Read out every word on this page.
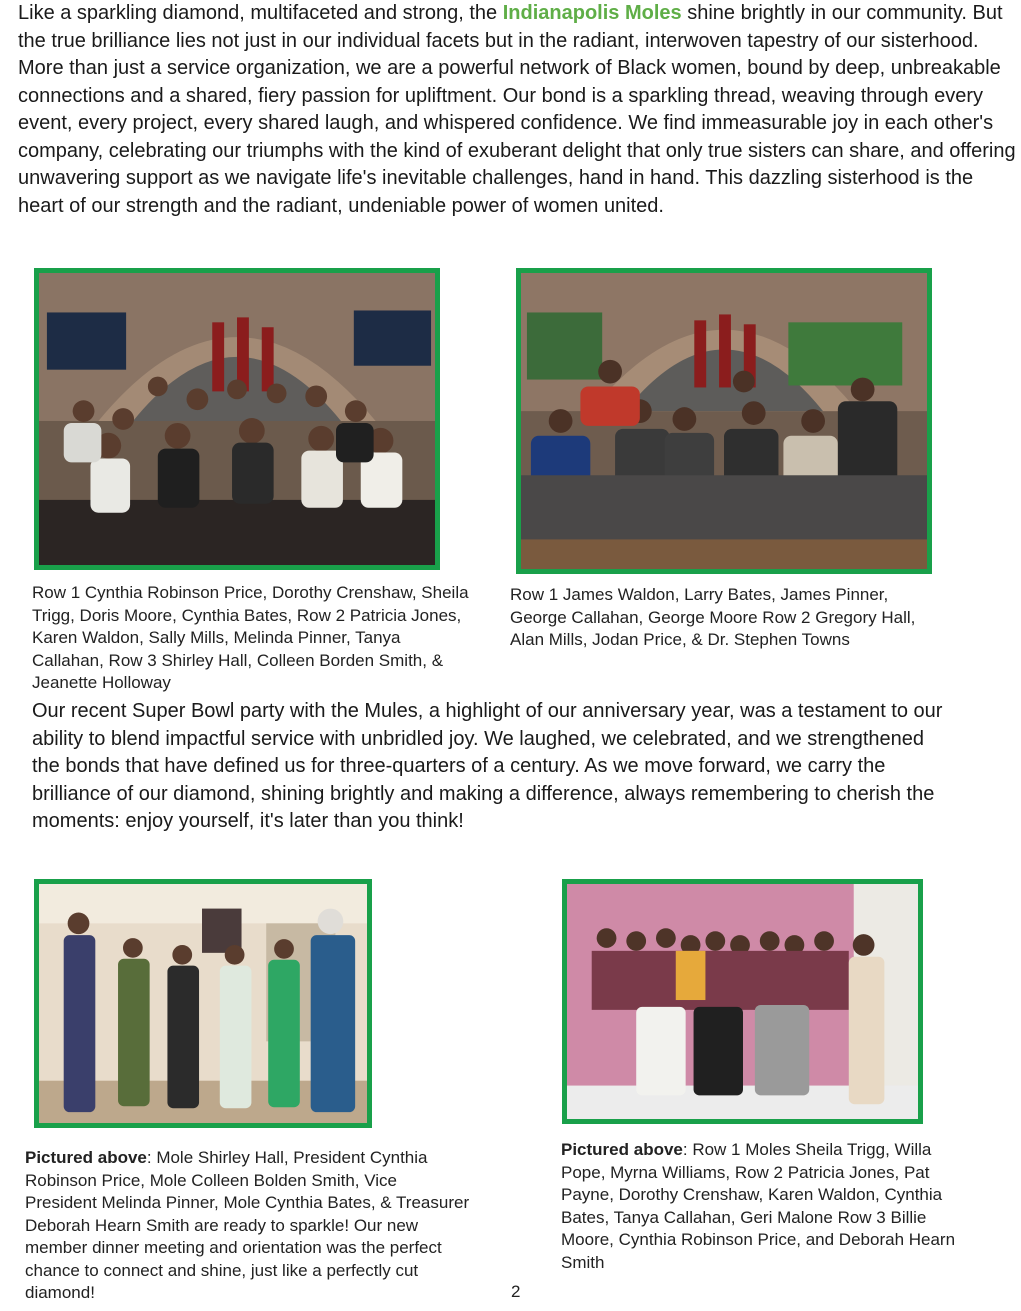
Like a sparkling diamond, multifaceted and strong, the Indianapolis Moles shine brightly in our community. But the true brilliance lies not just in our individual facets but in the radiant, interwoven tapestry of our sisterhood. More than just a service organization, we are a powerful network of Black women, bound by deep, unbreakable connections and a shared, fiery passion for upliftment. Our bond is a sparkling thread, weaving through every event, every project, every shared laugh, and whispered confidence. We find immeasurable joy in each other's company, celebrating our triumphs with the kind of exuberant delight that only true sisters can share, and offering unwavering support as we navigate life's inevitable challenges, hand in hand. This dazzling sisterhood is the heart of our strength and the radiant, undeniable power of women united.

Row 1 Cynthia Robinson Price, Dorothy Crenshaw, Sheila Trigg, Doris Moore, Cynthia Bates, Row 2 Patricia Jones, Karen Waldon, Sally Mills, Melinda Pinner, Tanya Callahan, Row 3 Shirley Hall, Colleen Borden Smith, & Jeanette Holloway

Row 1 James Waldon, Larry Bates, James Pinner, George Callahan, George Moore Row 2 Gregory Hall, Alan Mills, Jodan Price, & Dr. Stephen Towns

Our recent Super Bowl party with the Mules, a highlight of our anniversary year, was a testament to our ability to blend impactful service with unbridled joy. We laughed, we celebrated, and we strengthened the bonds that have defined us for three-quarters of a century. As we move forward, we carry the brilliance of our diamond, shining brightly and making a difference, always remembering to cherish the moments: enjoy yourself, it's later than you think!

Pictured above: Mole Shirley Hall, President Cynthia Robinson Price, Mole Colleen Bolden Smith, Vice President Melinda Pinner, Mole Cynthia Bates, & Treasurer Deborah Hearn Smith are ready to sparkle! Our new member dinner meeting and orientation was the perfect chance to connect and shine, just like a perfectly cut diamond!

Pictured above: Row 1 Moles Sheila Trigg, Willa Pope, Myrna Williams, Row 2 Patricia Jones, Pat Payne, Dorothy Crenshaw, Karen Waldon, Cynthia Bates, Tanya Callahan, Geri Malone Row 3 Billie Moore, Cynthia Robinson Price, and Deborah Hearn Smith

2
